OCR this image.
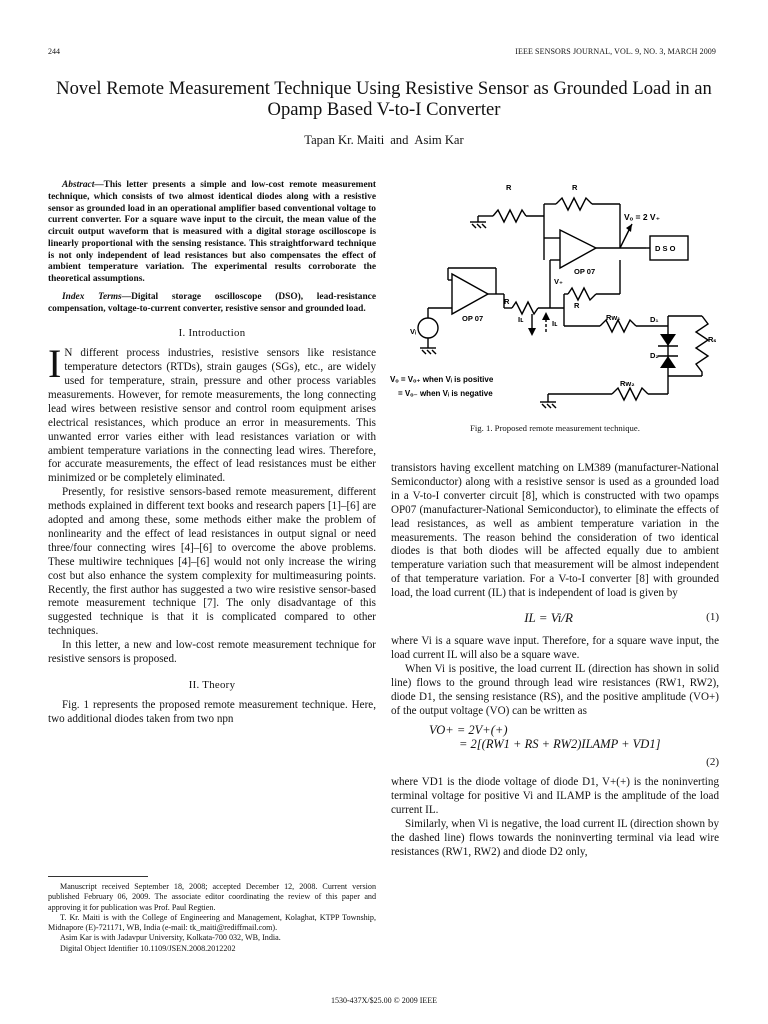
244	IEEE SENSORS JOURNAL, VOL. 9, NO. 3, MARCH 2009
Novel Remote Measurement Technique Using Resistive Sensor as Grounded Load in an Opamp Based V-to-I Converter
Tapan Kr. Maiti and Asim Kar

Abstract—This letter presents a simple and low-cost remote measurement technique, which consists of two almost identical diodes along with a resistive sensor as grounded load in an operational amplifier based conventional voltage to current converter. For a square wave input to the circuit, the mean value of the circuit output waveform that is measured with a digital storage oscilloscope is linearly proportional with the sensing resistance. This straightforward technique is not only independent of lead resistances but also compensates the effect of ambient temperature variation. The experimental results corroborate the theoretical assumptions.

Index Terms—Digital storage oscilloscope (DSO), lead-resistance compensation, voltage-to-current converter, resistive sensor and grounded load.

I. Introduction

I N different process industries, resistive sensors like resistance temperature detectors (RTDs), strain gauges (SGs), etc., are widely used for temperature, strain, pressure and other process variables measurements. However, for remote measurements, the long connecting lead wires between resistive sensor and control room equipment arises electrical resistances, which produce an error in measurements. This unwanted error varies either with lead resistances variation or with ambient temperature variations in the connecting lead wires. Therefore, for accurate measurements, the effect of lead resistances must be either minimized or be completely eliminated.

Presently, for resistive sensors-based remote measurement, different methods explained in different text books and research papers [1]–[6] are adopted and among these, some methods either make the problem of nonlinearity and the effect of lead resistances in output signal or need three/four connecting wires [4]–[6] to overcome the above problems. These multiwire techniques [4]–[6] would not only increase the wiring cost but also enhance the system complexity for multimeasuring points. Recently, the first author has suggested a two wire resistive sensor-based remote measurement technique [7]. The only disadvantage of this suggested technique is that it is complicated compared to other techniques.

In this letter, a new and low-cost remote measurement technique for resistive sensors is proposed.

II. Theory

Fig. 1 represents the proposed remote measurement technique. Here, two additional diodes taken from two npn

R	R
Vₒ = 2 V₊
D S O
OP 07
OP 07
V₊
R	R
Iʟ	Iʟ
Rᴡ₁	D₁
D₂
Rₛ
Vᵢ
Rᴡ₂
Vₒ = Vₒ₊ when Vᵢ is positive
= Vₒ₋ when Vᵢ is negative
Fig. 1. Proposed remote measurement technique.

transistors having excellent matching on LM389 (manufacturer-National Semiconductor) along with a resistive sensor is used as a grounded load in a V-to-I converter circuit [8], which is constructed with two opamps OP07 (manufacturer-National Semiconductor), to eliminate the effects of lead resistances, as well as ambient temperature variation in the measurements. The reason behind the consideration of two identical diodes is that both diodes will be affected equally due to ambient temperature variation such that measurement will be almost independent of that temperature variation. For a V-to-I converter [8] with grounded load, the load current (IL) that is independent of load is given by

IL = Vi/R	(1)

where Vi is a square wave input. Therefore, for a square wave input, the load current IL will also be a square wave.

When Vi is positive, the load current IL (direction has shown in solid line) flows to the ground through lead wire resistances (RW1, RW2), diode D1, the sensing resistance (RS), and the positive amplitude (VO+) of the output voltage (VO) can be written as

VO+ = 2V+(+)
= 2[(RW1 + RS + RW2)ILAMP + VD1]

(2)

where VD1 is the diode voltage of diode D1, V+(+) is the noninverting terminal voltage for positive Vi and ILAMP is the amplitude of the load current IL.

Similarly, when Vi is negative, the load current IL (direction shown by the dashed line) flows towards the noninverting terminal via lead wire resistances (RW1, RW2) and diode D2 only,

Manuscript received September 18, 2008; accepted December 12, 2008. Current version published February 06, 2009. The associate editor coordinating the review of this paper and approving it for publication was Prof. Paul Regtien.

T. Kr. Maiti is with the College of Engineering and Management, Kolaghat, KTPP Township, Midnapore (E)-721171, WB, India (e-mail: tk_maiti@rediffmail.com).

Asim Kar is with Jadavpur University, Kolkata-700 032, WB, India.

Digital Object Identifier 10.1109/JSEN.2008.2012202

1530-437X/$25.00 © 2009 IEEE
